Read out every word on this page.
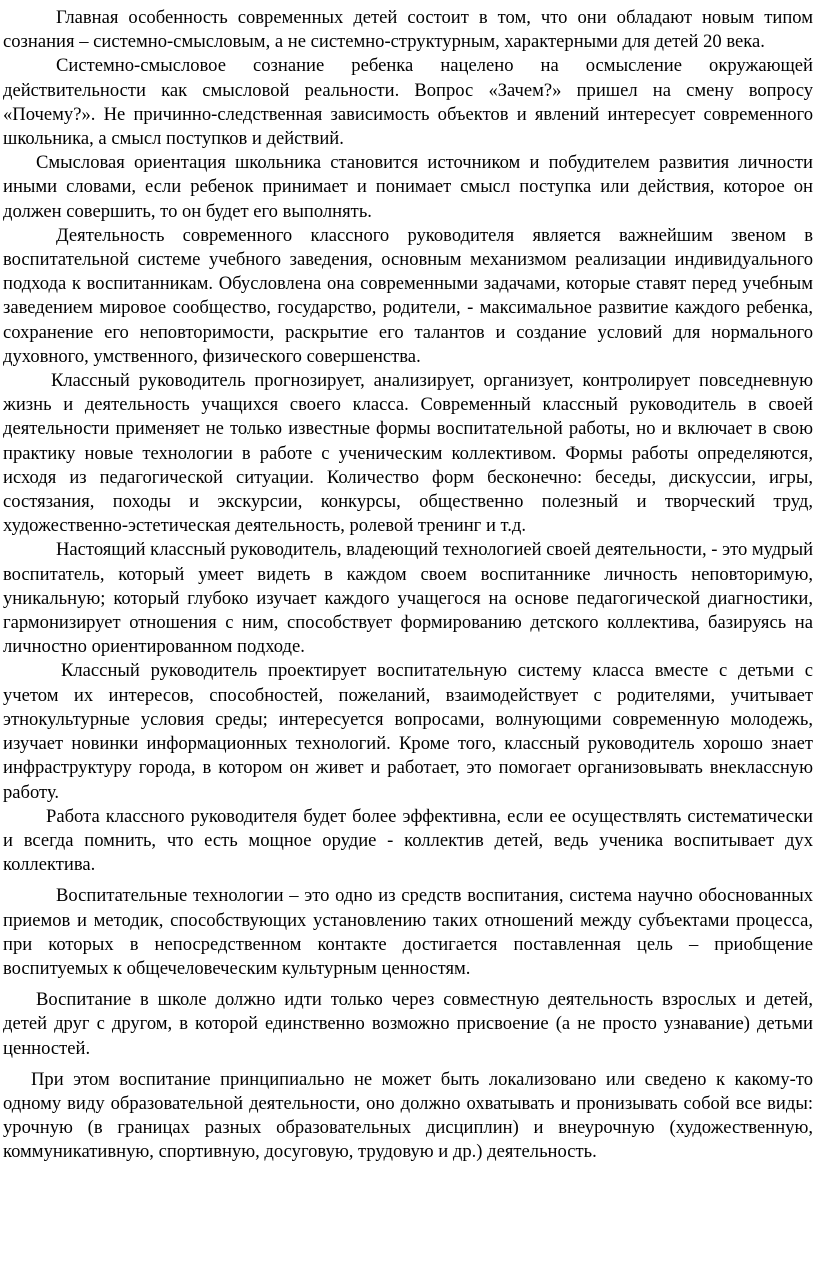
Главная особенность современных детей состоит в том, что они обладают новым типом сознания – системно-смысловым, а не системно-структурным, характерными для детей 20 века.

Системно-смысловое сознание ребенка нацелено на осмысление окружающей действительности как смысловой реальности. Вопрос «Зачем?» пришел на смену вопросу «Почему?». Не причинно-следственная зависимость объектов и явлений интересует современного школьника, а смысл поступков и действий.

Смысловая ориентация школьника становится источником и побудителем развития личности иными словами, если ребенок принимает и понимает смысл поступка или действия, которое он должен совершить, то он будет его выполнять.

Деятельность современного классного руководителя является важнейшим звеном в воспитательной системе учебного заведения, основным механизмом реализации индивидуального подхода к воспитанникам. Обусловлена она современными задачами, которые ставят перед учебным заведением мировое сообщество, государство, родители, - максимальное развитие каждого ребенка, сохранение его неповторимости, раскрытие его талантов и создание условий для нормального духовного, умственного, физического совершенства.

Классный руководитель прогнозирует, анализирует, организует, контролирует повседневную жизнь и деятельность учащихся своего класса. Современный классный руководитель в своей деятельности применяет не только известные формы воспитательной работы, но и включает в свою практику новые технологии в работе с ученическим коллективом. Формы работы определяются, исходя из педагогической ситуации. Количество форм бесконечно: беседы, дискуссии, игры, состязания, походы и экскурсии, конкурсы, общественно полезный и творческий труд, художественно-эстетическая деятельность, ролевой тренинг и т.д.

Настоящий классный руководитель, владеющий технологией своей деятельности, - это мудрый воспитатель, который умеет видеть в каждом своем воспитаннике личность неповторимую, уникальную; который глубоко изучает каждого учащегося на основе педагогической диагностики, гармонизирует отношения с ним, способствует формированию детского коллектива, базируясь на личностно ориентированном подходе.

Классный руководитель проектирует воспитательную систему класса вместе с детьми с учетом их интересов, способностей, пожеланий, взаимодействует с родителями, учитывает этнокультурные условия среды; интересуется вопросами, волнующими современную молодежь, изучает новинки информационных технологий. Кроме того, классный руководитель хорошо знает инфраструктуру города, в котором он живет и работает, это помогает организовывать внеклассную работу.

Работа классного руководителя будет более эффективна, если ее осуществлять систематически и всегда помнить, что есть мощное орудие - коллектив детей, ведь ученика воспитывает дух коллектива.

Воспитательные технологии – это одно из средств воспитания, система научно обоснованных приемов и методик, способствующих установлению таких отношений между субъектами процесса, при которых в непосредственном контакте достигается поставленная цель – приобщение воспитуемых к общечеловеческим культурным ценностям.

Воспитание в школе должно идти только через совместную деятельность взрослых и детей, детей друг с другом, в которой единственно возможно присвоение (а не просто узнавание) детьми ценностей.

При этом воспитание принципиально не может быть локализовано или сведено к какому-то одному виду образовательной деятельности, оно должно охватывать и пронизывать собой все виды: урочную (в границах разных образовательных дисциплин) и внеурочную (художественную, коммуникативную, спортивную, досуговую, трудовую и др.) деятельность.
